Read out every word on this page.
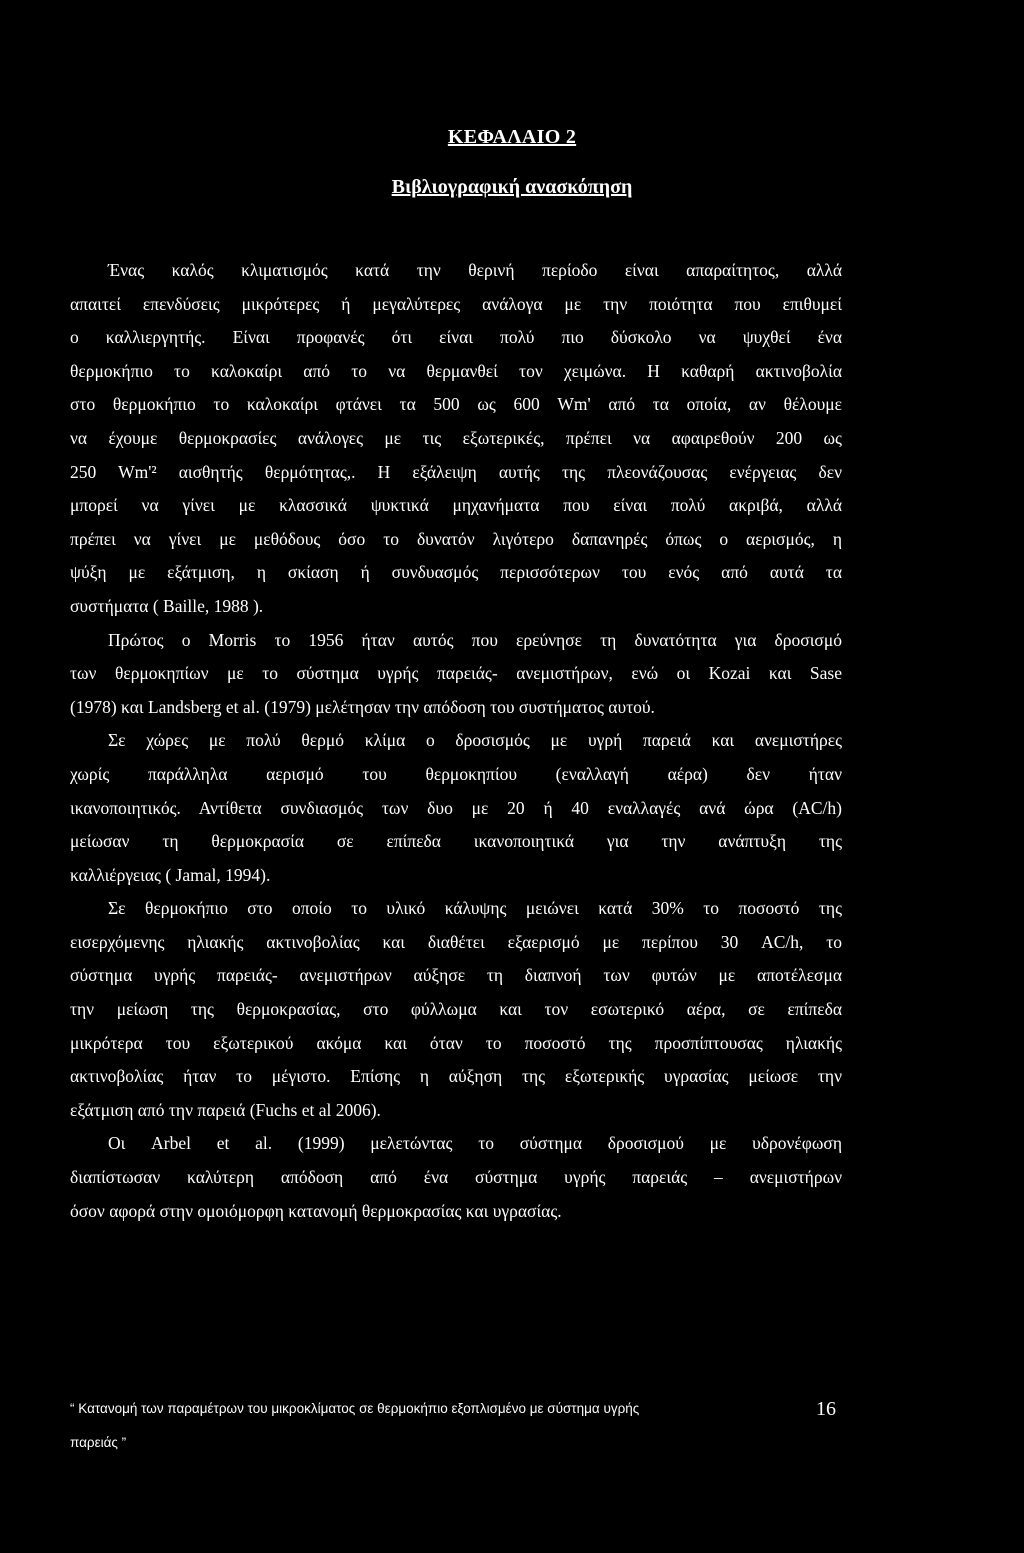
ΚΕΦΑΛΑΙΟ 2
Βιβλιογραφική ανασκόπηση
Ένας καλός κλιματισμός κατά την θερινή περίοδο είναι απαραίτητος, αλλά
απαιτεί επενδύσεις μικρότερες ή μεγαλύτερες ανάλογα με την ποιότητα που επιθυμεί
ο καλλιεργητής. Είναι προφανές ότι είναι πολύ πιο δύσκολο να ψυχθεί ένα
θερμοκήπιο το καλοκαίρι από το να θερμανθεί τον χειμώνα. Η καθαρή ακτινοβολία
στο θερμοκήπιο το καλοκαίρι φτάνει τα 500 ως 600 Wm' από τα οποία, αν θέλουμε
να έχουμε θερμοκρασίες ανάλογες με τις εξωτερικές, πρέπει να αφαιρεθούν 200 ως
250 Wm'² αισθητής θερμότητας,. Η εξάλειψη αυτής της πλεονάζουσας ενέργειας δεν
μπορεί να γίνει με κλασσικά ψυκτικά μηχανήματα που είναι πολύ ακριβά, αλλά
πρέπει να γίνει με μεθόδους όσο το δυνατόν λιγότερο δαπανηρές όπως ο αερισμός, η
ψύξη με εξάτμιση, η σκίαση ή συνδυασμός περισσότερων του ενός από αυτά τα
συστήματα ( Baille, 1988 ).
Πρώτος ο Morris το 1956 ήταν αυτός που ερεύνησε τη δυνατότητα για δροσισμό
των θερμοκηπίων με το σύστημα υγρής παρειάς- ανεμιστήρων, ενώ οι Kozai και Sase
(1978) και Landsberg et al. (1979) μελέτησαν την απόδοση του συστήματος αυτού.
Σε χώρες με πολύ θερμό κλίμα ο δροσισμός με υγρή παρειά και ανεμιστήρες
χωρίς παράλληλα αερισμό του θερμοκηπίου (εναλλαγή αέρα) δεν ήταν
ικανοποιητικός. Αντίθετα συνδιασμός των δυο με 20 ή 40 εναλλαγές ανά ώρα (AC/h)
μείωσαν τη θερμοκρασία σε επίπεδα ικανοποιητικά για την ανάπτυξη της
καλλιέργειας ( Jamal, 1994).
Σε θερμοκήπιο στο οποίο το υλικό κάλυψης μειώνει κατά 30% το ποσοστό της
εισερχόμενης ηλιακής ακτινοβολίας και διαθέτει εξαερισμό με περίπου 30 AC/h, το
σύστημα υγρής παρειάς- ανεμιστήρων αύξησε τη διαπνοή των φυτών με αποτέλεσμα
την μείωση της θερμοκρασίας, στο φύλλωμα και τον εσωτερικό αέρα, σε επίπεδα
μικρότερα του εξωτερικού ακόμα και όταν το ποσοστό της προσπίπτουσας ηλιακής
ακτινοβολίας ήταν το μέγιστο. Επίσης η αύξηση της εξωτερικής υγρασίας μείωσε την
εξάτμιση από την παρειά (Fuchs et al 2006).
Οι Arbel et al. (1999) μελετώντας το σύστημα δροσισμού με υδρονέφωση
διαπίστωσαν καλύτερη απόδοση από ένα σύστημα υγρής παρειάς – ανεμιστήρων
όσον αφορά στην ομοιόμορφη κατανομή θερμοκρασίας και υγρασίας.
“ Κατανομή των παραμέτρων του μικροκλίματος σε θερμοκήπιο εξοπλισμένο με σύστημα υγρής
παρειάς ”
16
